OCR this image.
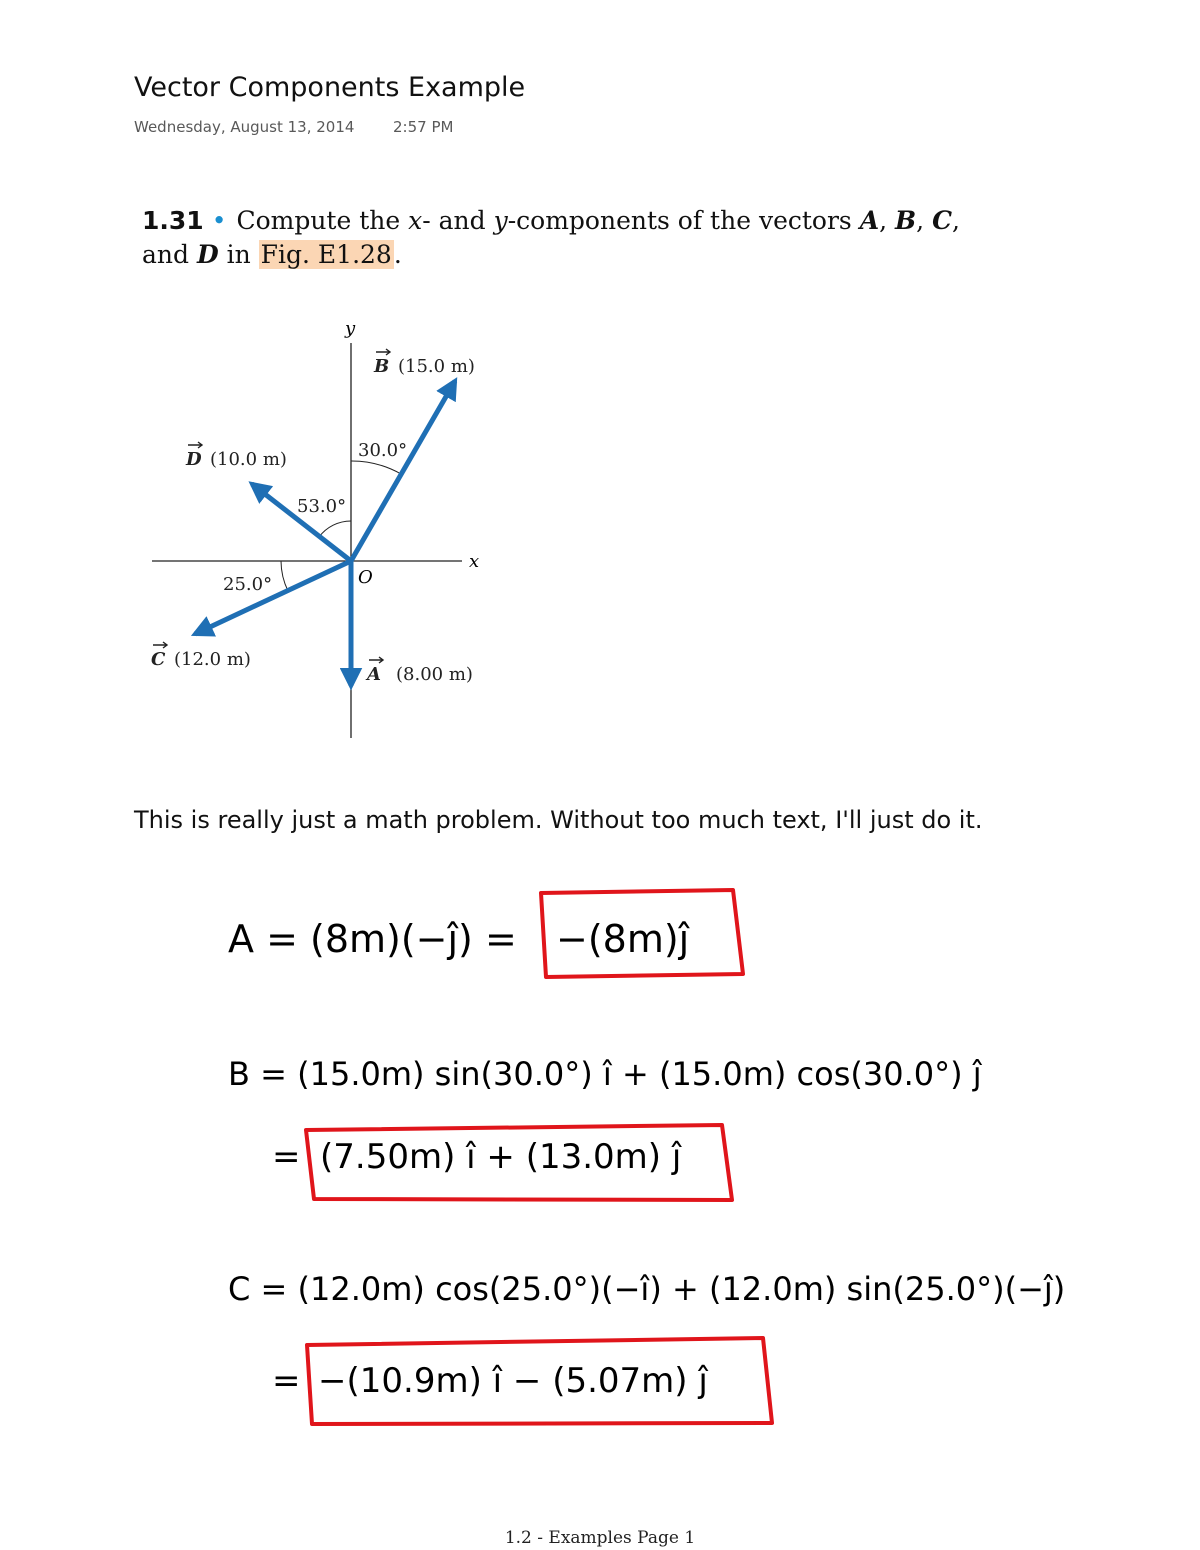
Vector Components Example
Wednesday, August 13, 2014	2:57 PM
1.31 • Compute the x- and y-components of the vectors A, B, C,
and D in Fig. E1.28.
x
y
O
B (15.0 m)
D (10.0 m)
C (12.0 m)
A (8.00 m)
30.0°
53.0°
25.0°
This is really just a math problem. Without too much text, I'll just do it.
A = (8m)(−ĵ) = −(8m)ĵ
B = (15.0m) sin(30.0°) î + (15.0m) cos(30.0°) ĵ
= (7.50m) î + (13.0m) ĵ
C = (12.0m) cos(25.0°)(−î) + (12.0m) sin(25.0°)(−ĵ)
= −(10.9m) î − (5.07m) ĵ
1.2 - Examples Page 1
